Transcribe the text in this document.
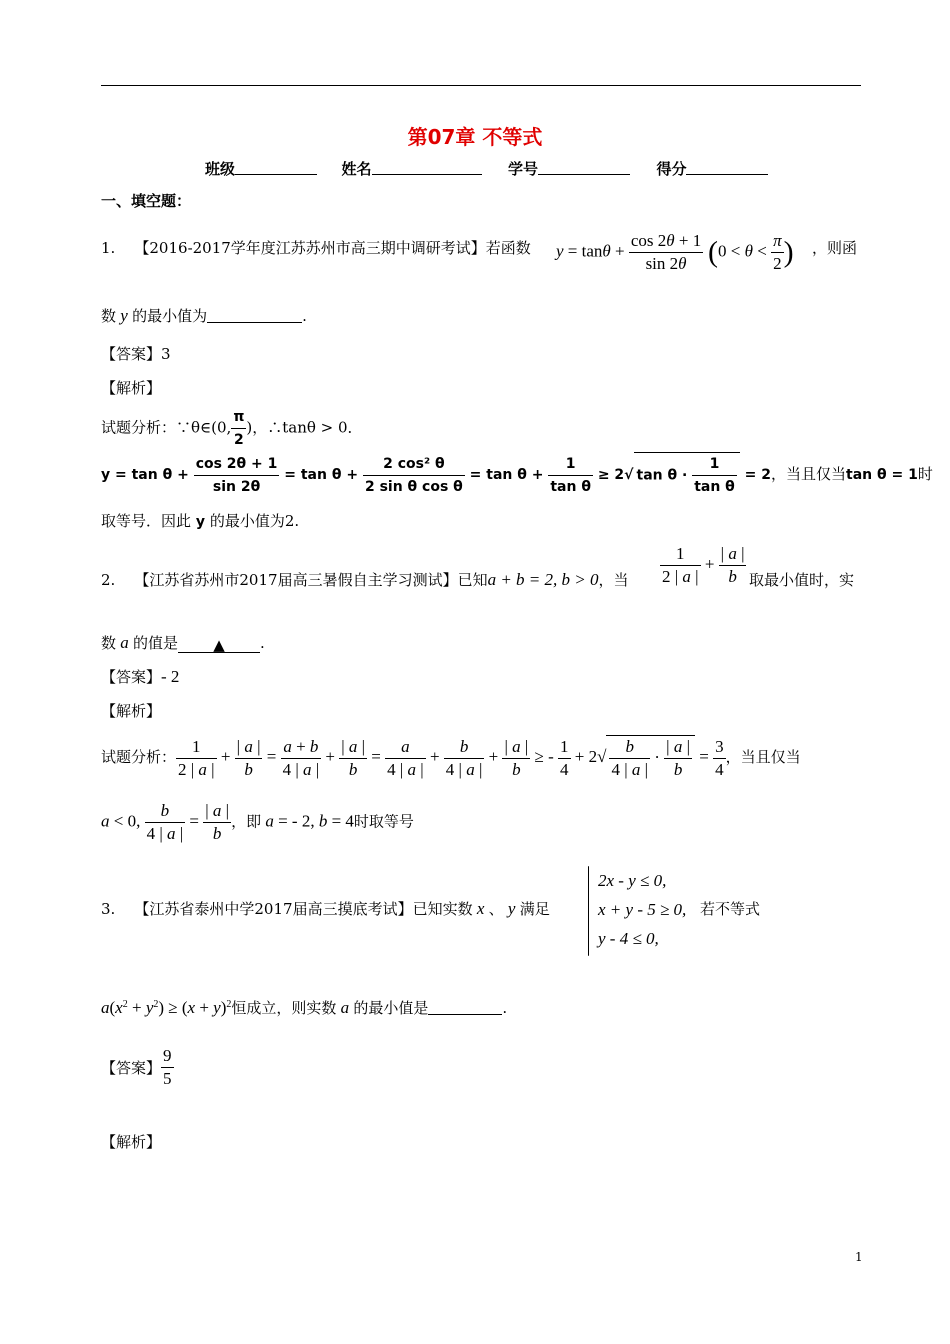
第07章 不等式
班级	姓名	学号	得分
一、填空题：
1. 【2016-2017学年度江苏苏州市高三期中调研考试】若函数 $y = \tan\theta + \frac{\cos 2\theta + 1}{\sin 2\theta} (0 < \theta < \frac{\pi}{2}$ ) ，则函
数 y 的最小值为	.
【答案】3
【解析】
试题分析：∵θ∈(0, $\frac{\pi}{2}$ )，∴tanθ > 0．
$y = \tan \theta + \frac{\cos 2\theta + 1}{\sin 2\theta} = \tan \theta + \frac{\text{2 cos² θ}}{\text{2 sin θ cos θ}} = \tan \theta + \frac{1}{\text{tan θ}} \ge 2√$ $\tan \theta \cdot \frac{1}{\text{tan θ}} = 2$，当且仅当tan θ = 1时
取等号．因此 y 的最小值为2.
2. 【江苏省苏州市2017届高三暑假自主学习测试】已知a + b = 2, b > 0，当 $\frac{1}{2 | a |} + \frac{| a |}{b}$ 取最小值时，实
数 a 的值是 ▲ .
【答案】- 2
【解析】
试题分析： $\frac{1}{2 | a |} + \frac{| a |}{b} = \frac{a + b}{4 | a |} + \frac{| a |}{b} = \frac{a}{4 | a |} + \frac{b}{4 | a |} + \frac{| a |}{b}$ ≥ - $\frac{1}{4} + 2√ \frac{b}{4 | a |} \cdot \frac{| a |}{b} = \frac{3}{4}$ ，当且仅当
a < 0, $\frac{b}{4 | a |} = \frac{| a |}{b}$ ，即 a = - 2, b = 4时取等号
3. 【江苏省泰州中学2017届高三摸底考试】已知实数 x 、 y 满足
2x - y ≤ 0,
x + y - 5 ≥ 0,
y - 4 ≤ 0,
若不等式
$a(x^2 + y^2) \ge (x + y)^2$恒成立，则实数 a 的最小值是	.
【答案】 $\frac{9}{5}$
【解析】
1
